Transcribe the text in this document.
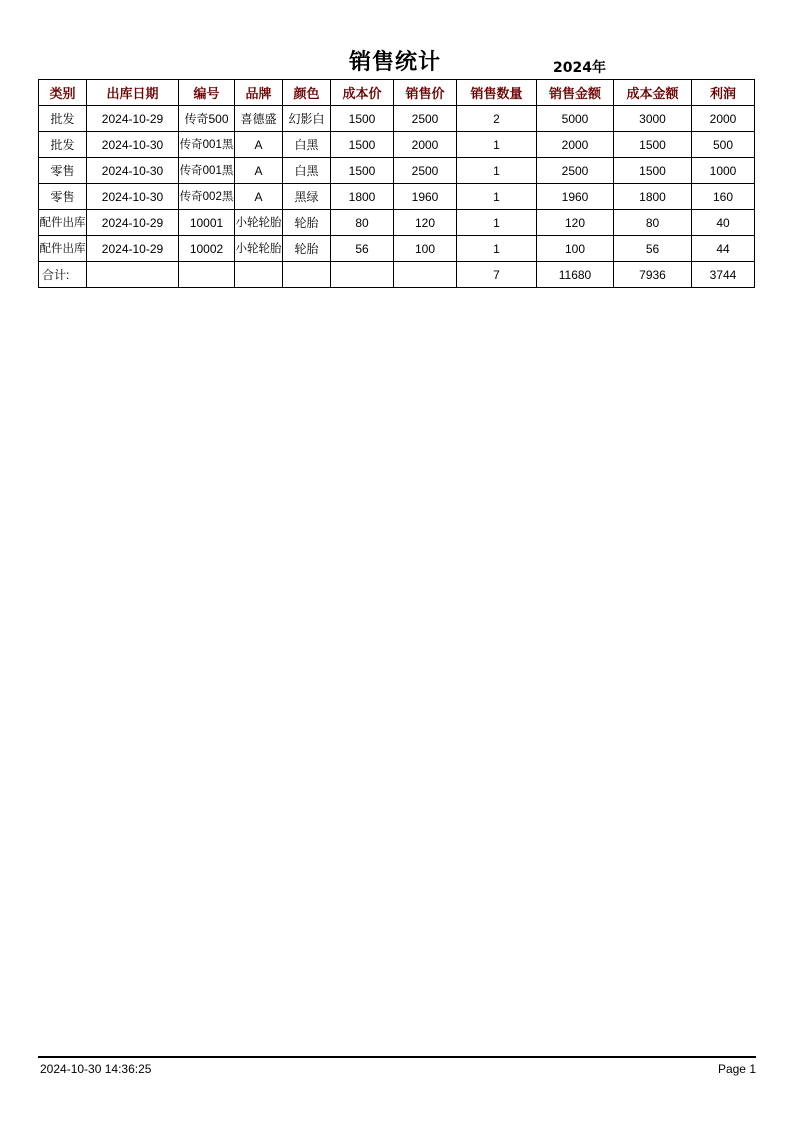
销售统计	2024年
类别	出库日期	编号	品牌	颜色	成本价	销售价	销售数量	销售金额	成本金额	利润
批发	2024-10-29	传奇500	喜德盛	幻影白	1500	2500	2	5000	3000	2000
批发	2024-10-30	传奇001黑	A	白黑	1500	2000	1	2000	1500	500
零售	2024-10-30	传奇001黑	A	白黑	1500	2500	1	2500	1500	1000
零售	2024-10-30	传奇002黑	A	黑绿	1800	1960	1	1960	1800	160
配件出库	2024-10-29	10001	小轮轮胎	轮胎	80	120	1	120	80	40
配件出库	2024-10-29	10002	小轮轮胎	轮胎	56	100	1	100	56	44
合计:							7	11680	7936	3744
2024-10-30 14:36:25	Page 1
